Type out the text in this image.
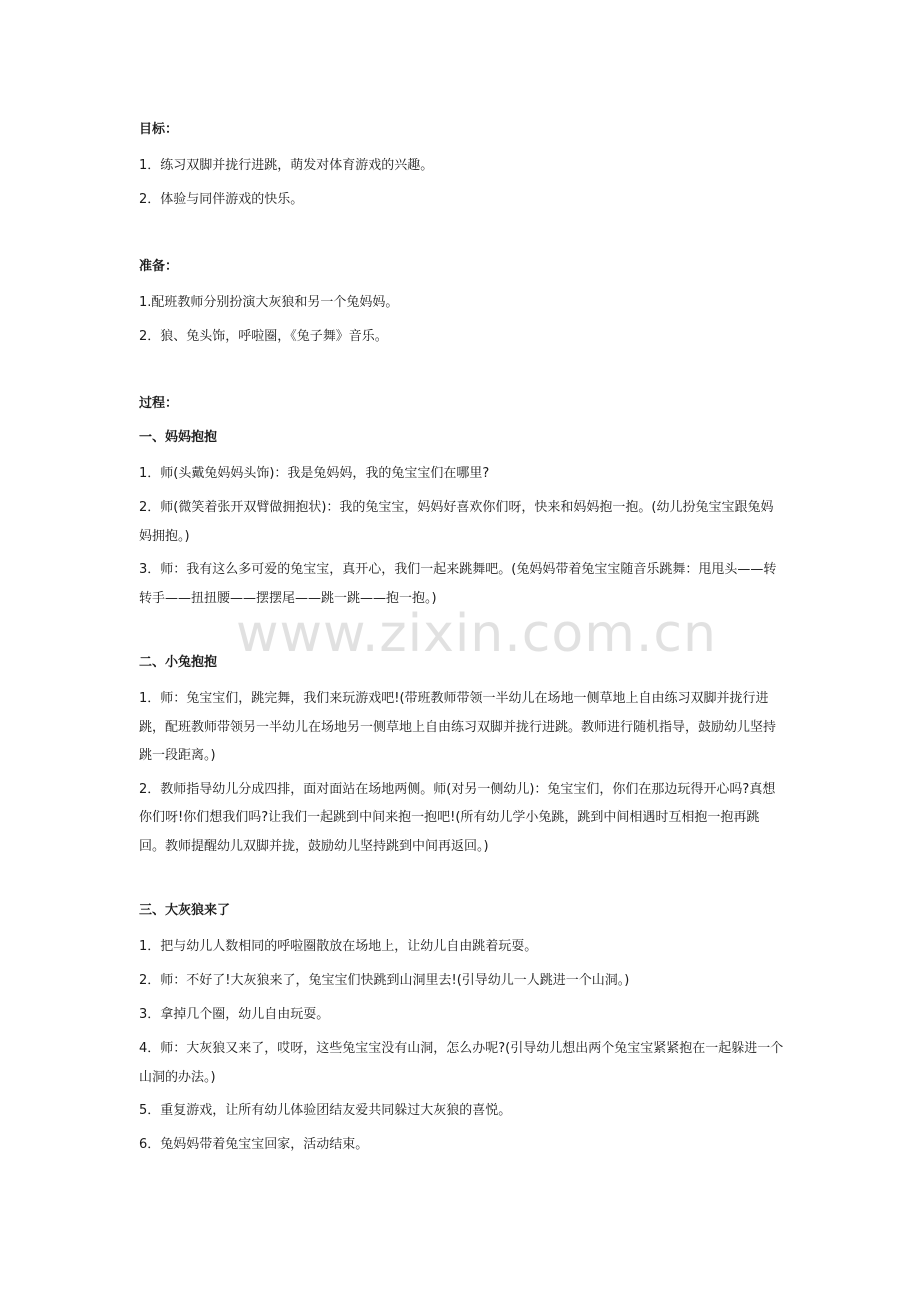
www.zixin.com.cn
目标：
1．练习双脚并拢行进跳，萌发对体育游戏的兴趣。
2．体验与同伴游戏的快乐。
准备：
1.配班教师分别扮演大灰狼和另一个兔妈妈。
2．狼、兔头饰，呼啦圈，《兔子舞》音乐。
过程：
一、妈妈抱抱
1．师(头戴兔妈妈头饰)：我是兔妈妈，我的兔宝宝们在哪里?
2．师(微笑着张开双臂做拥抱状)：我的兔宝宝，妈妈好喜欢你们呀，快来和妈妈抱一抱。(幼儿扮兔宝宝跟兔妈妈拥抱。)
3．师：我有这么多可爱的兔宝宝，真开心，我们一起来跳舞吧。(兔妈妈带着兔宝宝随音乐跳舞：甩甩头——转转手——扭扭腰——摆摆尾——跳一跳——抱一抱。)
二、小兔抱抱
1．师：兔宝宝们，跳完舞，我们来玩游戏吧!(带班教师带领一半幼儿在场地一侧草地上自由练习双脚并拢行进跳，配班教师带领另一半幼儿在场地另一侧草地上自由练习双脚并拢行进跳。教师进行随机指导，鼓励幼儿坚持跳一段距离。)
2．教师指导幼儿分成四排，面对面站在场地两侧。师(对另一侧幼儿)：兔宝宝们，你们在那边玩得开心吗?真想你们呀!你们想我们吗?让我们一起跳到中间来抱一抱吧!(所有幼儿学小兔跳，跳到中间相遇时互相抱一抱再跳回。教师提醒幼儿双脚并拢，鼓励幼儿坚持跳到中间再返回。)
三、大灰狼来了
1．把与幼儿人数相同的呼啦圈散放在场地上，让幼儿自由跳着玩耍。
2．师：不好了!大灰狼来了，兔宝宝们快跳到山洞里去!(引导幼儿一人跳进一个山洞。)
3．拿掉几个圈，幼儿自由玩耍。
4．师：大灰狼又来了，哎呀，这些兔宝宝没有山洞，怎么办呢?(引导幼儿想出两个兔宝宝紧紧抱在一起躲进一个山洞的办法。)
5．重复游戏，让所有幼儿体验团结友爱共同躲过大灰狼的喜悦。
6．兔妈妈带着兔宝宝回家，活动结束。
